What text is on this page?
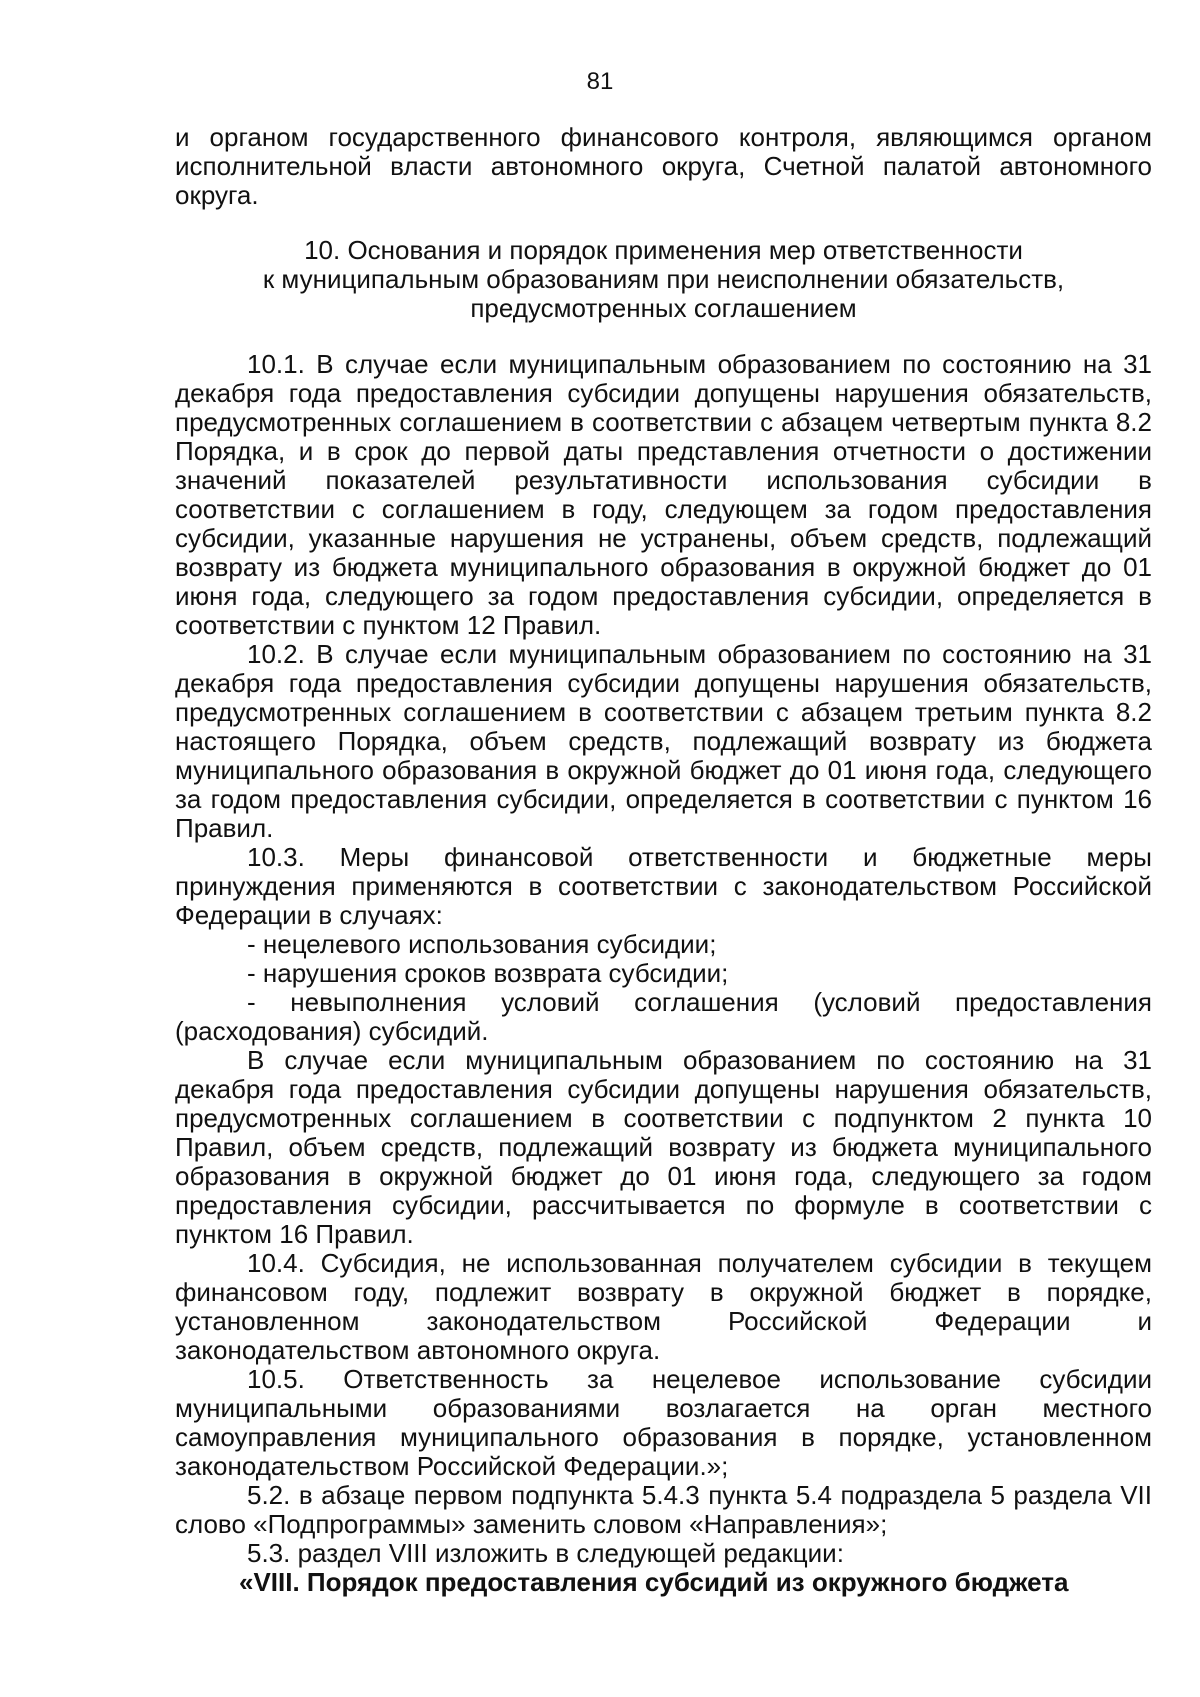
81

и органом государственного финансового контроля, являющимся органом исполнительной власти автономного округа, Счетной палатой автономного округа.

10. Основания и порядок применения мер ответственности
к муниципальным образованиям при неисполнении обязательств,
предусмотренных соглашением

10.1. В случае если муниципальным образованием по состоянию на 31 декабря года предоставления субсидии допущены нарушения обязательств, предусмотренных соглашением в соответствии с абзацем четвертым пункта 8.2 Порядка, и в срок до первой даты представления отчетности о достижении значений показателей результативности использования субсидии в соответствии с соглашением в году, следующем за годом предоставления субсидии, указанные нарушения не устранены, объем средств, подлежащий возврату из бюджета муниципального образования в окружной бюджет до 01 июня года, следующего за годом предоставления субсидии, определяется в соответствии с пунктом 12 Правил.

10.2. В случае если муниципальным образованием по состоянию на 31 декабря года предоставления субсидии допущены нарушения обязательств, предусмотренных соглашением в соответствии с абзацем третьим пункта 8.2 настоящего Порядка, объем средств, подлежащий возврату из бюджета муниципального образования в окружной бюджет до 01 июня года, следующего за годом предоставления субсидии, определяется в соответствии с пунктом 16 Правил.

10.3. Меры финансовой ответственности и бюджетные меры принуждения применяются в соответствии с законодательством Российской Федерации в случаях:

- нецелевого использования субсидии;

- нарушения сроков возврата субсидии;

- невыполнения условий соглашения (условий предоставления (расходования) субсидий.

В случае если муниципальным образованием по состоянию на 31 декабря года предоставления субсидии допущены нарушения обязательств, предусмотренных соглашением в соответствии с подпунктом 2 пункта 10 Правил, объем средств, подлежащий возврату из бюджета муниципального образования в окружной бюджет до 01 июня года, следующего за годом предоставления субсидии, рассчитывается по формуле в соответствии с пунктом 16 Правил.

10.4. Субсидия, не использованная получателем субсидии в текущем финансовом году, подлежит возврату в окружной бюджет в порядке, установленном законодательством Российской Федерации и законодательством автономного округа.

10.5. Ответственность за нецелевое использование субсидии муниципальными образованиями возлагается на орган местного самоуправления муниципального образования в порядке, установленном законодательством Российской Федерации.»;

5.2. в абзаце первом подпункта 5.4.3 пункта 5.4 подраздела 5 раздела VII слово «Подпрограммы» заменить словом «Направления»;

5.3. раздел VIII изложить в следующей редакции:

«VIII. Порядок предоставления субсидий из окружного бюджета
